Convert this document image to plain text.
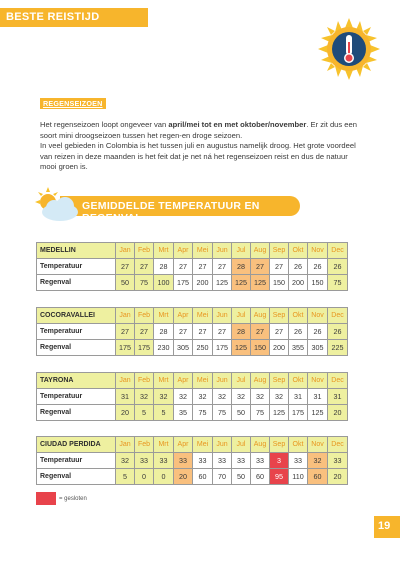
BESTE REISTIJD
REGENSEIZOEN

Het regenseizoen loopt ongeveer van april/mei tot en met oktober/november. Er zit dus een soort mini droogseizoen tussen het regen-en droge seizoen.
In veel gebieden in Colombia is het tussen juli en augustus namelijk droog. Het grote voordeel van reizen in deze maanden is het feit dat je net ná het regenseizoen reist en dus de natuur mooi groen is.

GEMIDDELDE TEMPERATUUR EN REGENVAL
MEDELLIN	Jan	Feb	Mrt	Apr	Mei	Jun	Jul	Aug	Sep	Okt	Nov	Dec
Temperatuur	27	27	28	27	27	27	28	27	27	26	26	26
Regenval	50	75	100	175	200	125	125	125	150	200	150	75
COCORAVALLEI	Jan	Feb	Mrt	Apr	Mei	Jun	Jul	Aug	Sep	Okt	Nov	Dec
Temperatuur	27	27	28	27	27	27	28	27	27	26	26	26
Regenval	175	175	230	305	250	175	125	150	200	355	305	225
TAYRONA	Jan	Feb	Mrt	Apr	Mei	Jun	Jul	Aug	Sep	Okt	Nov	Dec
Temperatuur	31	32	32	32	32	32	32	32	32	31	31	31
Regenval	20	5	5	35	75	75	50	75	125	175	125	20
CIUDAD PERDIDA	Jan	Feb	Mrt	Apr	Mei	Jun	Jul	Aug	Sep	Okt	Nov	Dec
Temperatuur	32	33	33	33	33	33	33	33	3	33	32	33
Regenval	5	0	0	20	60	70	50	60	95	110	60	20
= gesloten
19
